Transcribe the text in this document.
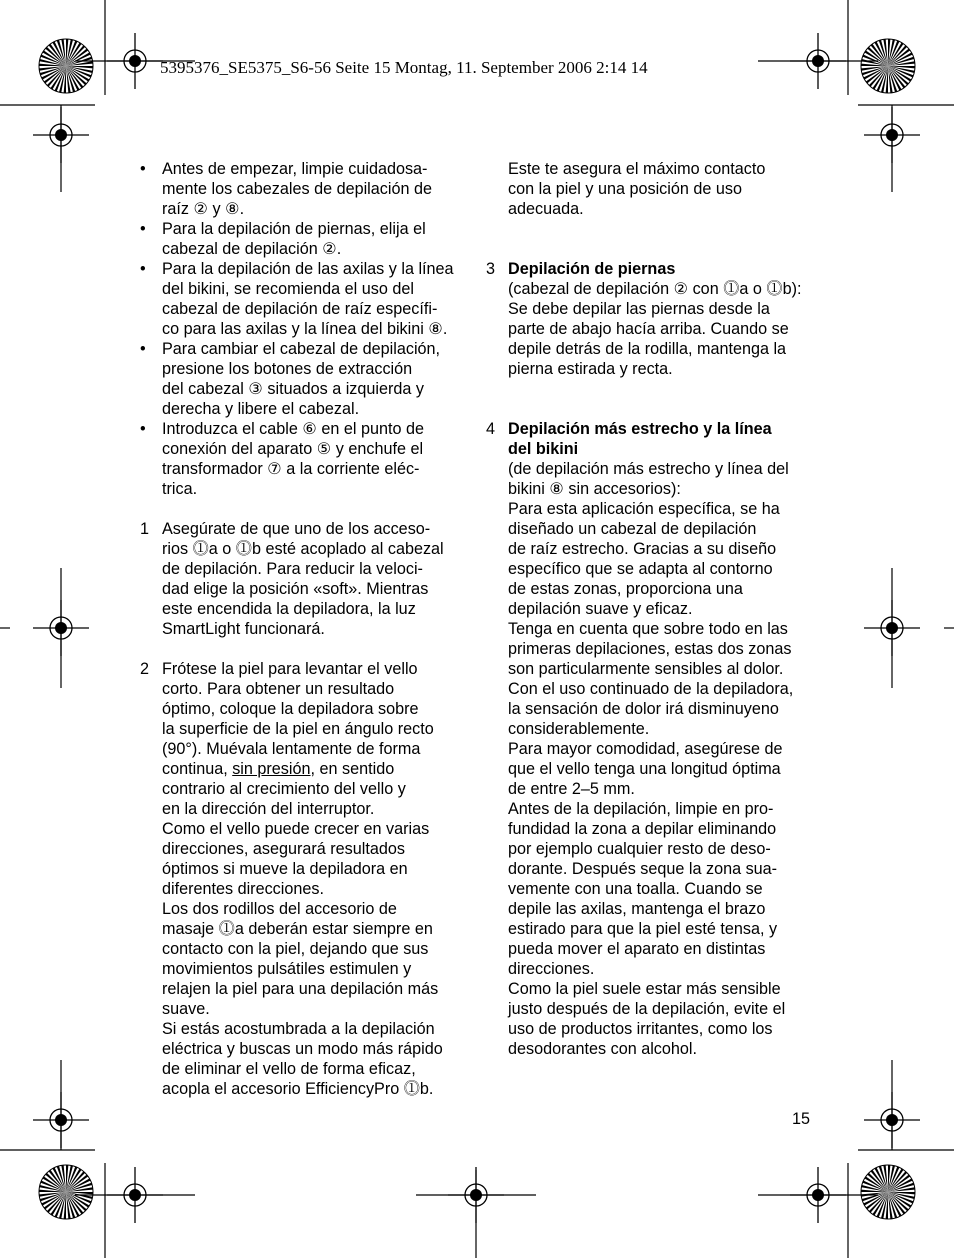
5395376_SE5375_S6-56 Seite 15 Montag, 11. September 2006 2:14 14
• Antes de empezar, limpie cuidadosa-
mente los cabezales de depilación de
raíz ② y ⑧.
• Para la depilación de piernas, elija el
cabezal de depilación ②.
• Para la depilación de las axilas y la línea
del bikini, se recomienda el uso del
cabezal de depilación de raíz específi-
co para las axilas y la línea del bikini ⑧.
• Para cambiar el cabezal de depilación,
presione los botones de extracción
del cabezal ③ situados a izquierda y
derecha y libere el cabezal.
• Introduzca el cable ⑥ en el punto de
conexión del aparato ⑤ y enchufe el
transformador ⑦ a la corriente eléc-
trica.
1 Asegúrate de que uno de los acceso-
rios ⓵a o ⓵b esté acoplado al cabezal
de depilación. Para reducir la veloci-
dad elige la posición «soft». Mientras
este encendida la depiladora, la luz
SmartLight funcionará.
2 Frótese la piel para levantar el vello
corto. Para obtener un resultado
óptimo, coloque la depiladora sobre
la superficie de la piel en ángulo recto
(90°). Muévala lentamente de forma
continua, sin presión, en sentido
contrario al crecimiento del vello y
en la dirección del interruptor.
Como el vello puede crecer en varias
direcciones, asegurará resultados
óptimos si mueve la depiladora en
diferentes direcciones.
Los dos rodillos del accesorio de
masaje ⓵a deberán estar siempre en
contacto con la piel, dejando que sus
movimientos pulsátiles estimulen y
relajen la piel para una depilación más
suave.
Si estás acostumbrada a la depilación
eléctrica y buscas un modo más rápido
de eliminar el vello de forma eficaz,
acopla el accesorio EfficiencyPro ⓵b.
Este te asegura el máximo contacto
con la piel y una posición de uso
adecuada.
3 Depilación de piernas
(cabezal de depilación ② con ⓵a o ⓵b):
Se debe depilar las piernas desde la
parte de abajo hacía arriba. Cuando se
depile detrás de la rodilla, mantenga la
pierna estirada y recta.
4 Depilación más estrecho y la línea
del bikini
(de depilación más estrecho y línea del
bikini ⑧ sin accesorios):
Para esta aplicación específica, se ha
diseñado un cabezal de depilación
de raíz estrecho. Gracias a su diseño
específico que se adapta al contorno
de estas zonas, proporciona una
depilación suave y eficaz.
Tenga en cuenta que sobre todo en las
primeras depilaciones, estas dos zonas
son particularmente sensibles al dolor.
Con el uso continuado de la depiladora,
la sensación de dolor irá disminuyeno
considerablemente.
Para mayor comodidad, asegúrese de
que el vello tenga una longitud óptima
de entre 2–5 mm.
Antes de la depilación, limpie en pro-
fundidad la zona a depilar eliminando
por ejemplo cualquier resto de deso-
dorante. Después seque la zona sua-
vemente con una toalla. Cuando se
depile las axilas, mantenga el brazo
estirado para que la piel esté tensa, y
pueda mover el aparato en distintas
direcciones.
Como la piel suele estar más sensible
justo después de la depilación, evite el
uso de productos irritantes, como los
desodorantes con alcohol.
15
